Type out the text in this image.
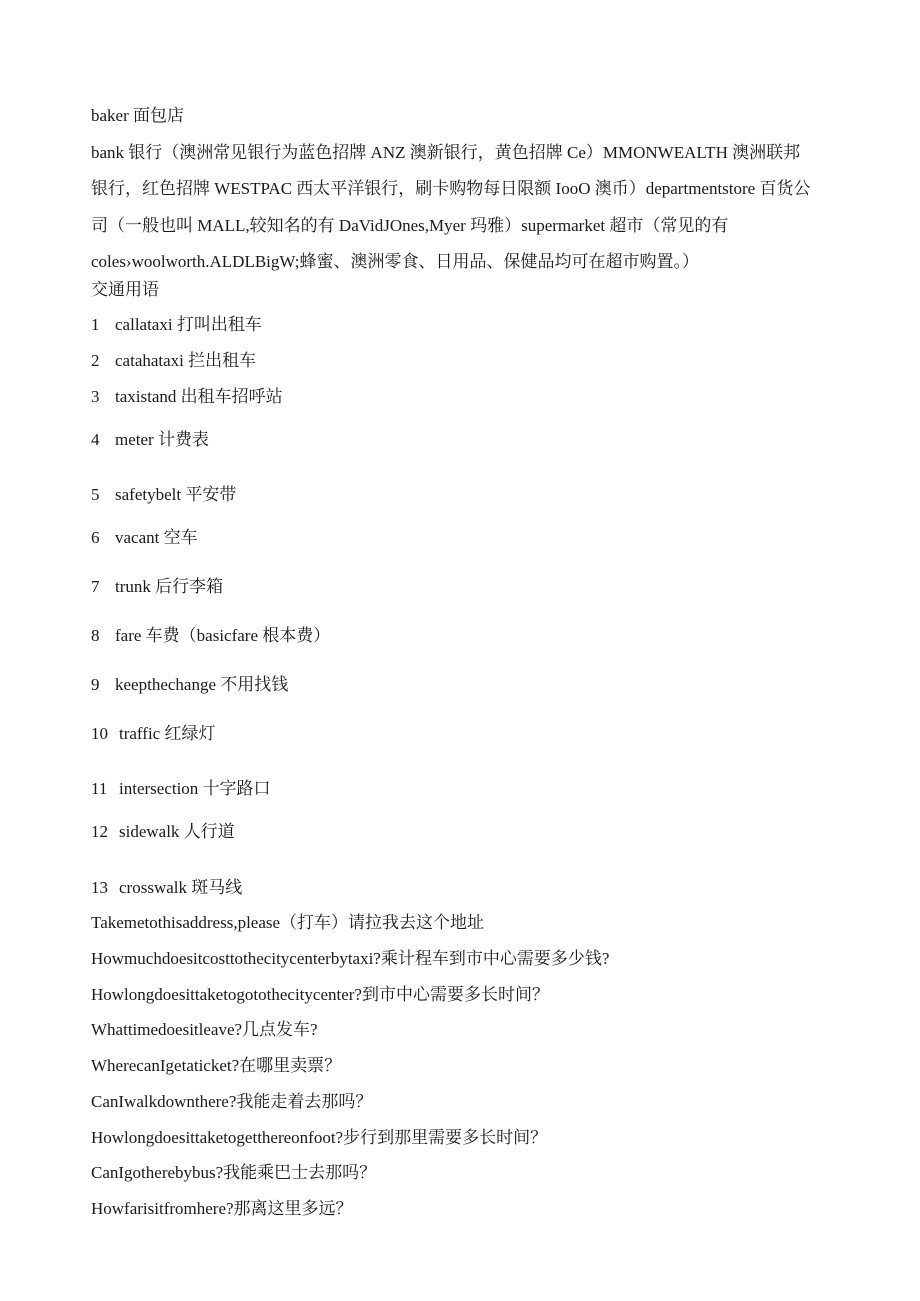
baker 面包店
bank 银行（澳洲常见银行为蓝色招牌 ANZ 澳新银行，黄色招牌 Ce）MMONWEALTH 澳洲联邦
银行，红色招牌 WESTPAC 西太平洋银行，刷卡购物每日限额 IooO 澳币）departmentstore 百货公
司（一般也叫 MALL,较知名的有 DaVidJOnes,Myer 玛雅）supermarket 超市（常见的有
coles›woolworth.ALDLBigW;蜂蜜、澳洲零食、日用品、保健品均可在超市购置。）
交通用语
1 callataxi 打叫出租车
2 catahataxi 拦出租车
3 taxistand 出租车招呼站
4 meter 计费表
5 safetybelt 平安带
6 vacant 空车
7 trunk 后行李箱
8 fare 车费（basicfare 根本费）
9 keepthechange 不用找钱
10 traffic 红绿灯
11 intersection 十字路口
12 sidewalk 人行道
13 crosswalk 斑马线
Takemetothisaddress,please（打车）请拉我去这个地址
Howmuchdoesitcosttothecitycenterbytaxi?乘计程车到市中心需要多少钱?
Howlongdoesittaketogotothecitycenter?到市中心需要多长时间？
Whattimedoesitleave?几点发车?
WherecanIgetaticket?在哪里卖票？
CanIwalkdownthere?我能走着去那吗？
Howlongdoesittaketogetthereonfoot?步行到那里需要多长时间？
CanIgotherebybus?我能乘巴士去那吗？
Howfarisitfromhere?那离这里多远？
